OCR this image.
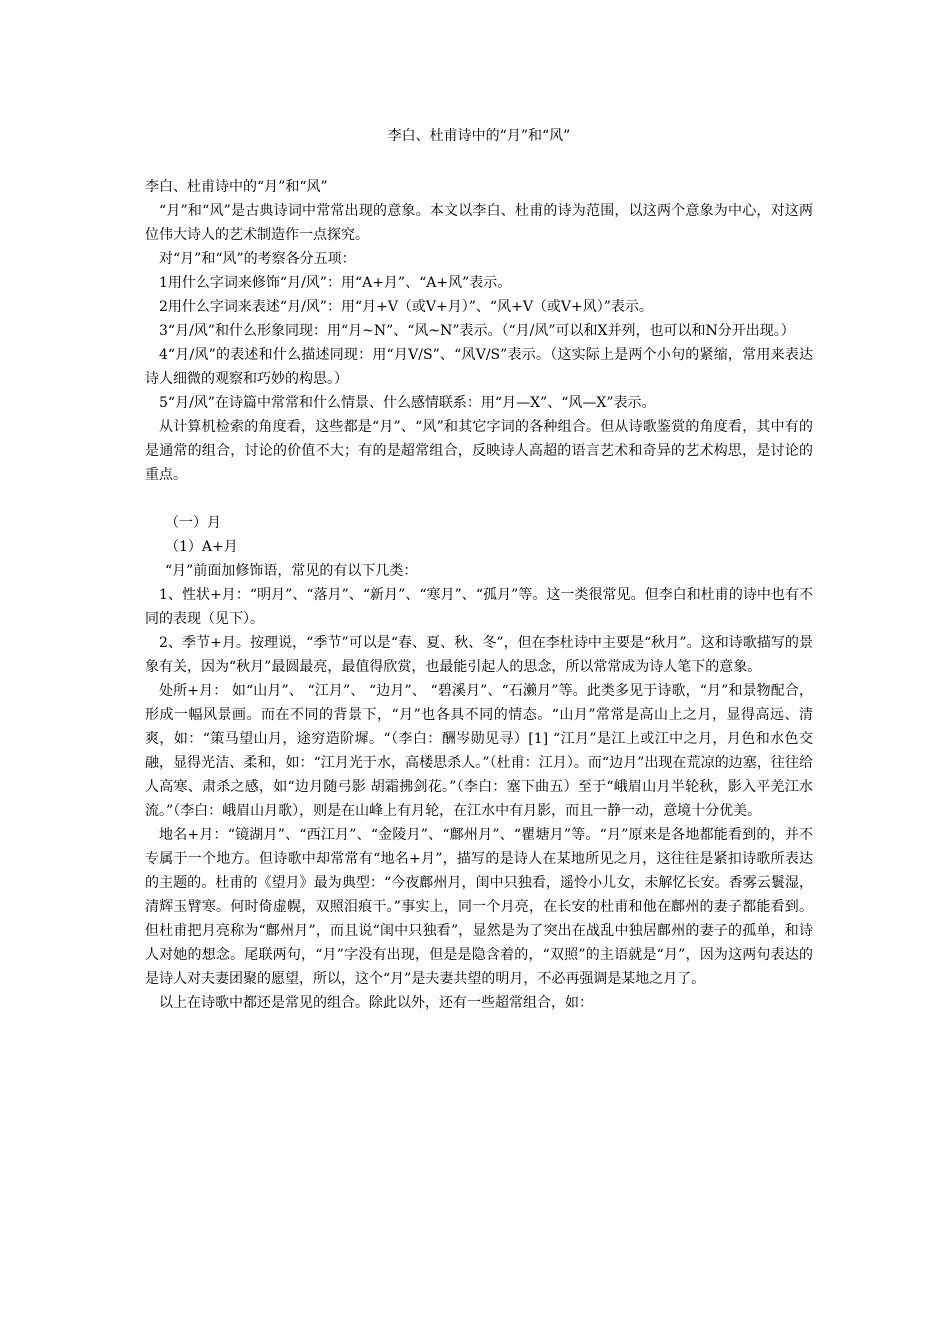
李白、杜甫诗中的“月”和“风”

李白、杜甫诗中的“月”和“风”

“月”和“风”是古典诗词中常常出现的意象。本文以李白、杜甫的诗为范围，以这两个意象为中心，对这两位伟大诗人的艺术制造作一点探究。

对“月”和“风”的考察各分五项：

1用什么字词来修饰“月/风”：用“A+月”、“A+风”表示。

2用什么字词来表述“月/风”：用“月+V（或V+月）”、“风+V（或V+风）”表示。

3“月/风”和什么形象同现：用“月~N”、“风~N”表示。（“月/风”可以和X并列，也可以和N分开出现。）

4“月/风”的表述和什么描述同现：用“月V/S”、“风V/S”表示。（这实际上是两个小句的紧缩，常用来表达诗人细微的观察和巧妙的构思。）

5“月/风”在诗篇中常常和什么情景、什么感情联系：用“月—X”、“风—X”表示。

从计算机检索的角度看，这些都是“月”、“风”和其它字词的各种组合。但从诗歌鉴赏的角度看，其中有的是通常的组合，讨论的价值不大；有的是超常组合，反映诗人高超的语言艺术和奇异的艺术构思，是讨论的重点。

（一）月

（1）A+月

“月”前面加修饰语，常见的有以下几类：

1、性状+月：“明月”、“落月”、“新月”、“寒月”、“孤月”等。这一类很常见。但李白和杜甫的诗中也有不同的表现（见下）。

2、季节+月。按理说，“季节”可以是“春、夏、秋、冬”，但在李杜诗中主要是“秋月”。这和诗歌描写的景象有关，因为“秋月”最圆最亮，最值得欣赏，也最能引起人的思念，所以常常成为诗人笔下的意象。

处所+月： 如“山月”、 “江月”、 “边月”、 “碧溪月”、“石濑月”等。此类多见于诗歌，“月”和景物配合，形成一幅风景画。而在不同的背景下，“月”也各具不同的情态。“山月”常常是高山上之月，显得高远、清爽，如：“策马望山月，途穷造阶墀。“（李白：酬岑勋见寻）[1] “江月”是江上或江中之月，月色和水色交融，显得光洁、柔和，如：“江月光于水，高楼思杀人。”（杜甫：江月）。而“边月”出现在荒凉的边塞，往往给人高寒、肃杀之感，如“边月随弓影 胡霜拂剑花。”（李白：塞下曲五）至于“峨眉山月半轮秋，影入平羌江水流。”（李白：峨眉山月歌），则是在山峰上有月轮，在江水中有月影，而且一静一动，意境十分优美。

地名+月：“镜湖月”、“西江月”、“金陵月”、“鄜州月”、“瞿塘月”等。“月”原来是各地都能看到的，并不专属于一个地方。但诗歌中却常常有“地名+月”，描写的是诗人在某地所见之月，这往往是紧扣诗歌所表达的主题的。杜甫的《望月》最为典型：“今夜鄜州月，闺中只独看，遥怜小儿女，未解忆长安。香雾云鬟湿，清辉玉臂寒。何时倚虚幌，双照泪痕干。”事实上，同一个月亮，在长安的杜甫和他在鄜州的妻子都能看到。但杜甫把月亮称为“鄜州月”，而且说“闺中只独看”，显然是为了突出在战乱中独居鄜州的妻子的孤单，和诗人对她的想念。尾联两句，“月”字没有出现，但是是隐含着的，“双照”的主语就是“月”，因为这两句表达的是诗人对夫妻团聚的愿望，所以，这个“月”是夫妻共望的明月，不必再强调是某地之月了。

以上在诗歌中都还是常见的组合。除此以外，还有一些超常组合，如：
